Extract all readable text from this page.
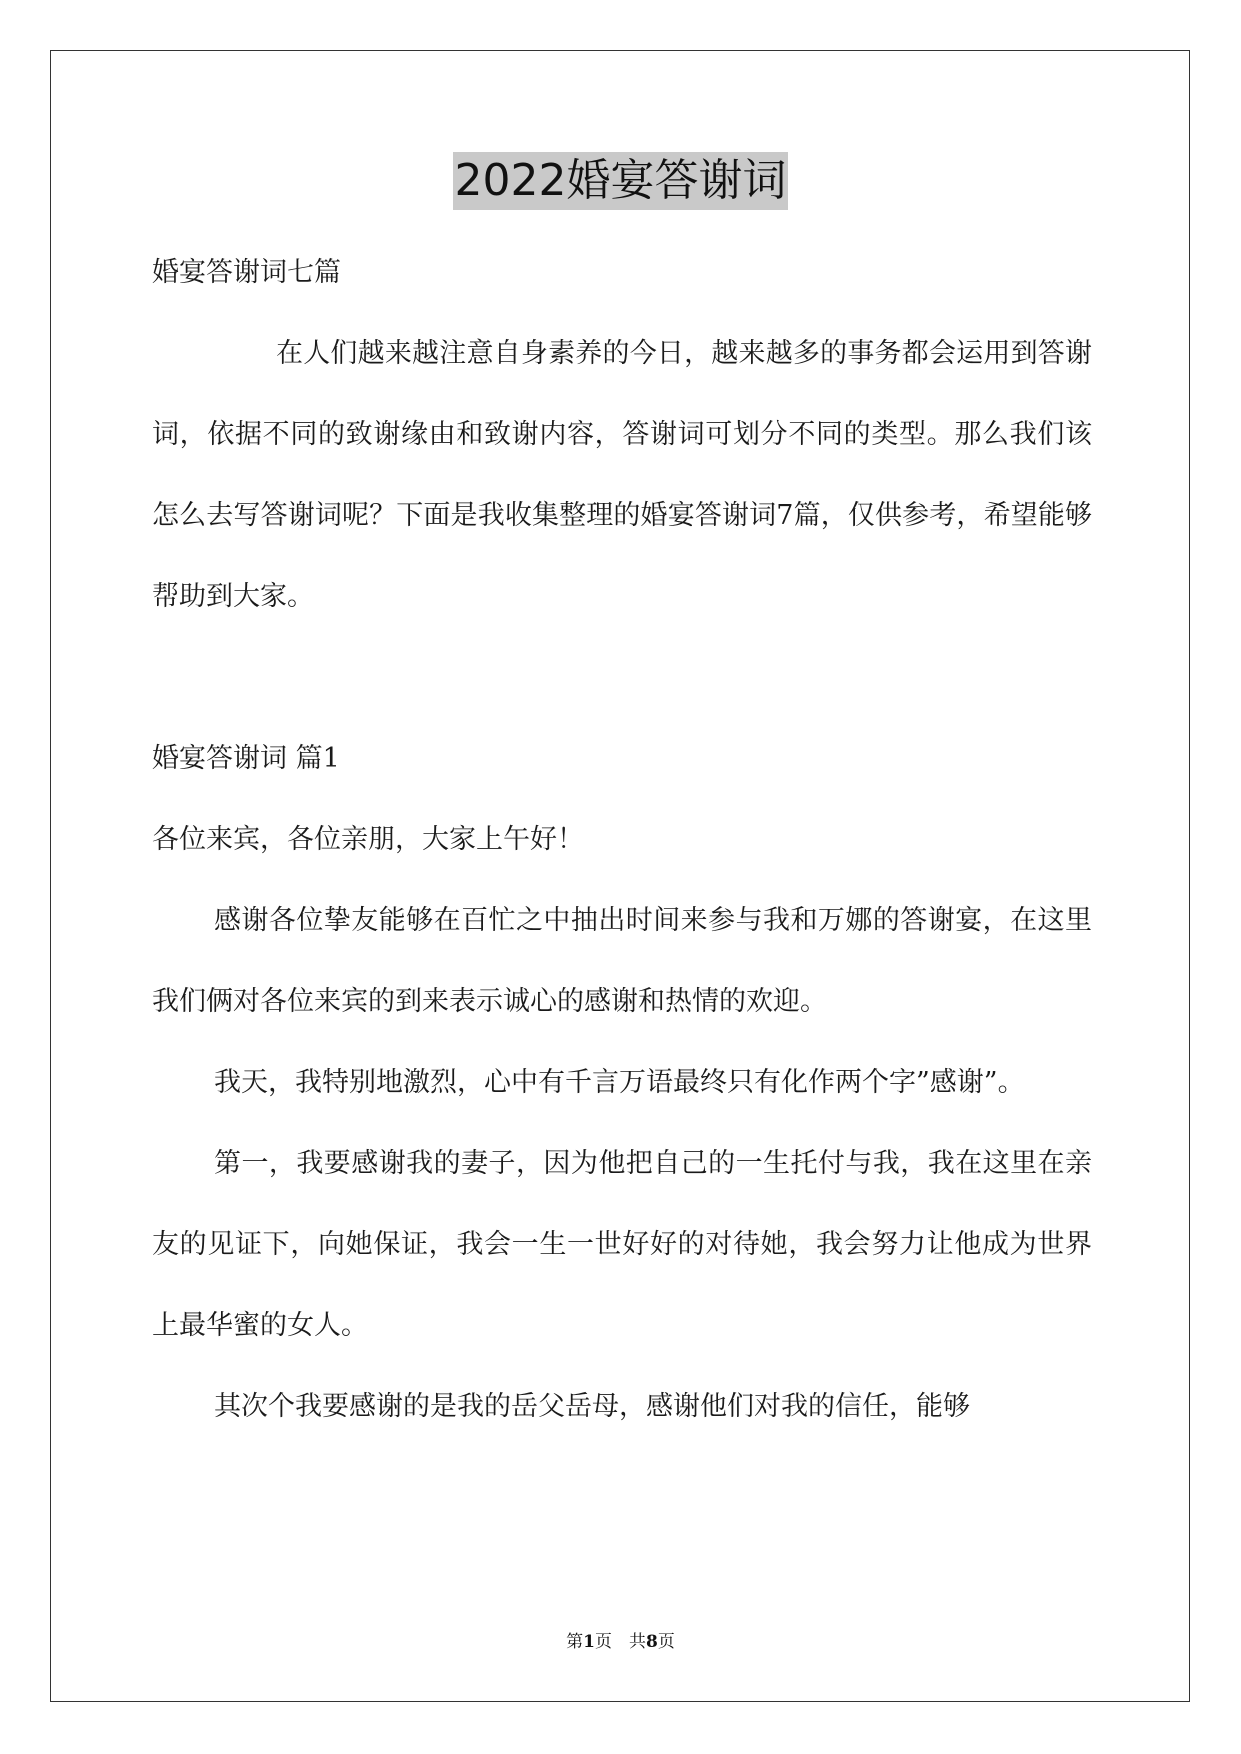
2022婚宴答谢词

婚宴答谢词七篇

在人们越来越注意自身素养的今日，越来越多的事务都会运用到答谢词，依据不同的致谢缘由和致谢内容，答谢词可划分不同的类型。那么我们该怎么去写答谢词呢？下面是我收集整理的婚宴答谢词7篇，仅供参考，希望能够帮助到大家。

婚宴答谢词 篇1

各位来宾，各位亲朋，大家上午好！

感谢各位挚友能够在百忙之中抽出时间来参与我和万娜的答谢宴，在这里我们俩对各位来宾的到来表示诚心的感谢和热情的欢迎。

我天，我特别地激烈，心中有千言万语最终只有化作两个字”感谢”。

第一，我要感谢我的妻子，因为他把自己的一生托付与我，我在这里在亲友的见证下，向她保证，我会一生一世好好的对待她，我会努力让他成为世界上最华蜜的女人。

其次个我要感谢的是我的岳父岳母，感谢他们对我的信任，能够

第1页　共8页
